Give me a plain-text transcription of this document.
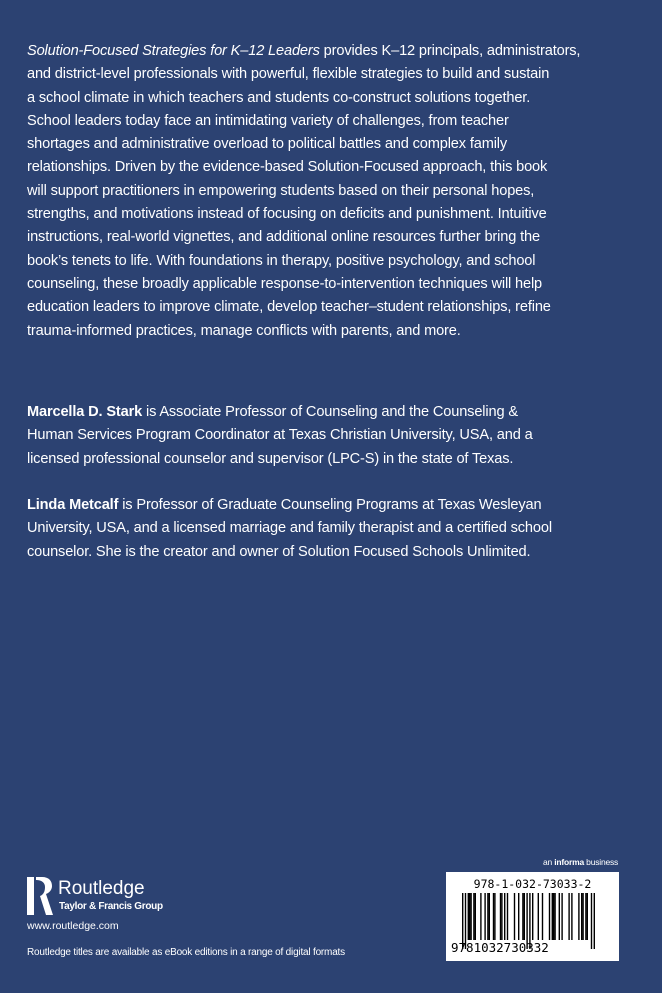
Solution-Focused Strategies for K–12 Leaders provides K–12 principals, administrators,
and district-level professionals with powerful, flexible strategies to build and sustain
a school climate in which teachers and students co-construct solutions together.
School leaders today face an intimidating variety of challenges, from teacher
shortages and administrative overload to political battles and complex family
relationships. Driven by the evidence-based Solution-Focused approach, this book
will support practitioners in empowering students based on their personal hopes,
strengths, and motivations instead of focusing on deficits and punishment. Intuitive
instructions, real-world vignettes, and additional online resources further bring the
book’s tenets to life. With foundations in therapy, positive psychology, and school
counseling, these broadly applicable response-to-intervention techniques will help
education leaders to improve climate, develop teacher–student relationships, refine
trauma-informed practices, manage conflicts with parents, and more.
Marcella D. Stark is Associate Professor of Counseling and the Counseling &
Human Services Program Coordinator at Texas Christian University, USA, and a
licensed professional counselor and supervisor (LPC-S) in the state of Texas.
Linda Metcalf is Professor of Graduate Counseling Programs at Texas Wesleyan
University, USA, and a licensed marriage and family therapist and a certified school
counselor. She is the creator and owner of Solution Focused Schools Unlimited.
Routledge
Taylor & Francis Group
www.routledge.com
Routledge titles are available as eBook editions in a range of digital formats
an informa business
978-1-032-73033-2
9781032730332
